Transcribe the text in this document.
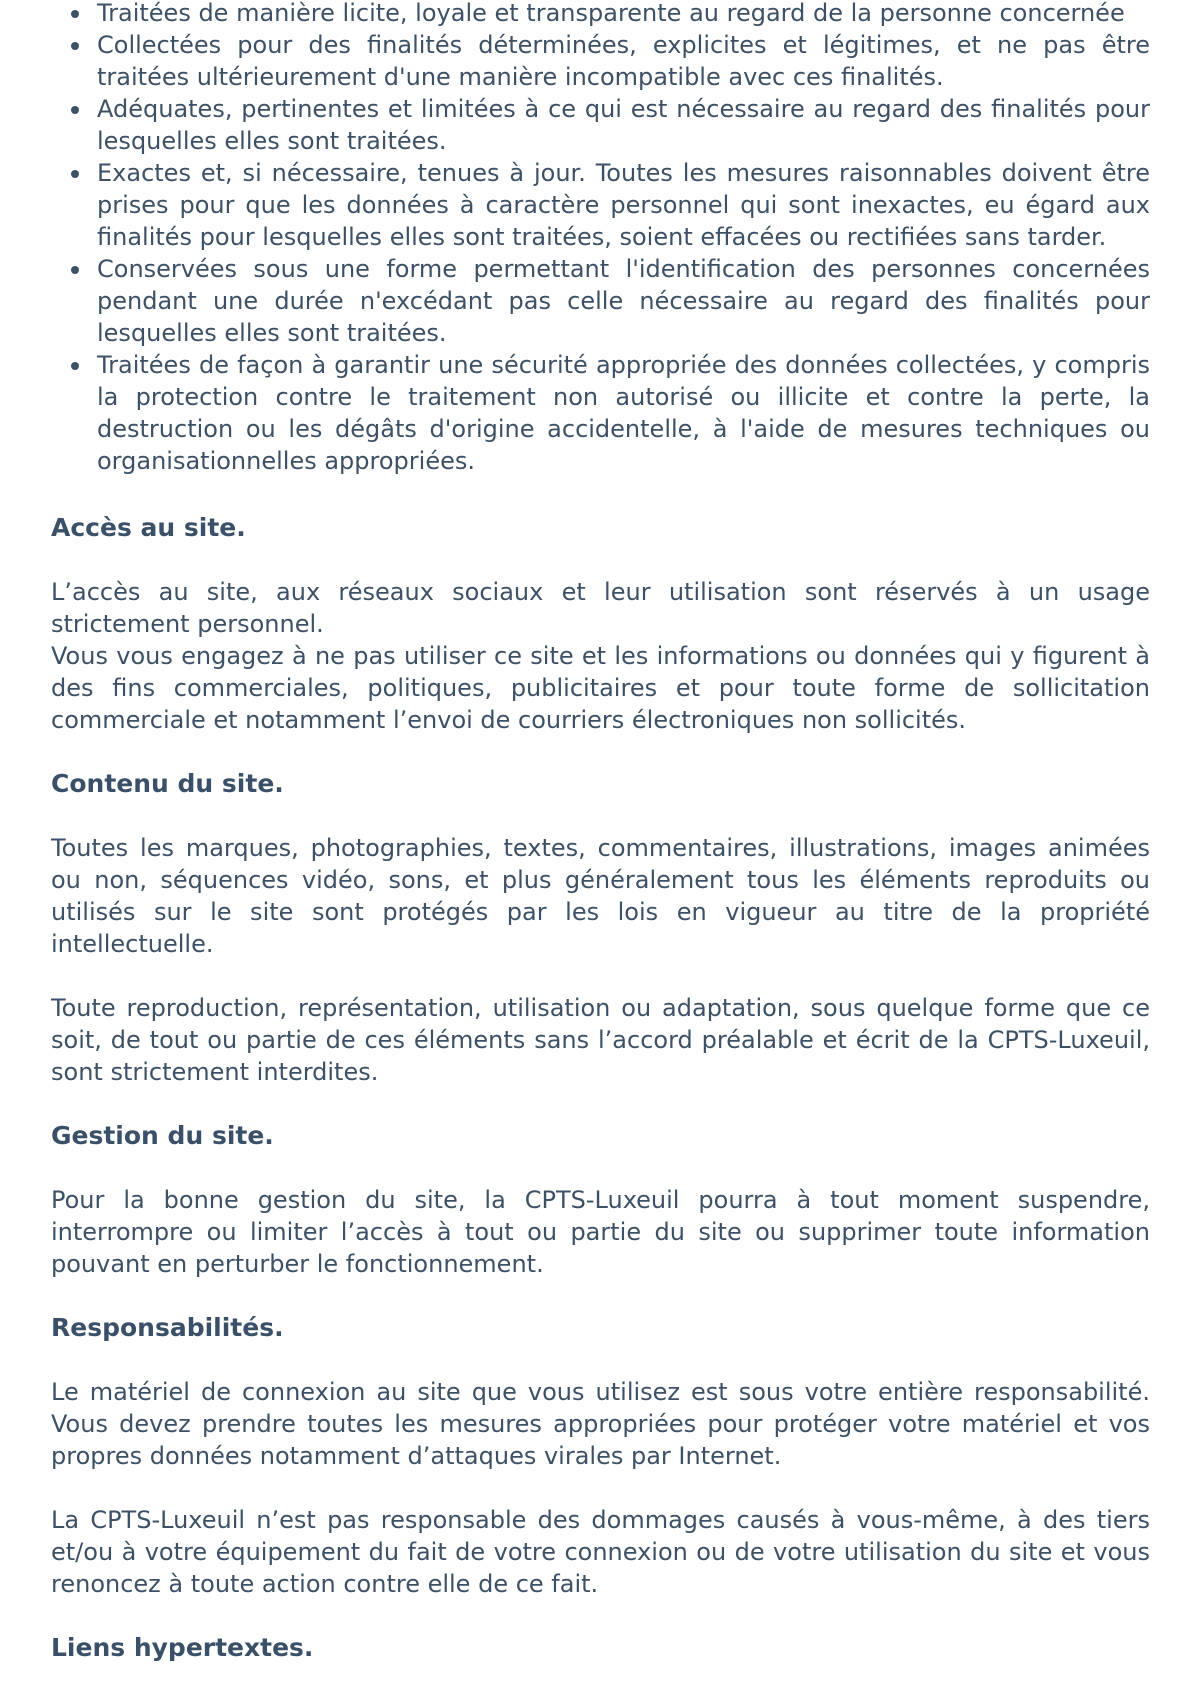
Traitées de manière licite, loyale et transparente au regard de la personne concernée
Collectées pour des finalités déterminées, explicites et légitimes, et ne pas être traitées ultérieurement d'une manière incompatible avec ces finalités.
Adéquates, pertinentes et limitées à ce qui est nécessaire au regard des finalités pour lesquelles elles sont traitées.
Exactes et, si nécessaire, tenues à jour. Toutes les mesures raisonnables doivent être prises pour que les données à caractère personnel qui sont inexactes, eu égard aux finalités pour lesquelles elles sont traitées, soient effacées ou rectifiées sans tarder.
Conservées sous une forme permettant l'identification des personnes concernées pendant une durée n'excédant pas celle nécessaire au regard des finalités pour lesquelles elles sont traitées.
Traitées de façon à garantir une sécurité appropriée des données collectées, y compris la protection contre le traitement non autorisé ou illicite et contre la perte, la destruction ou les dégâts d'origine accidentelle, à l'aide de mesures techniques ou organisationnelles appropriées.
Accès au site.

L’accès au site, aux réseaux sociaux et leur utilisation sont réservés à un usage strictement personnel.

Vous vous engagez à ne pas utiliser ce site et les informations ou données qui y figurent à des fins commerciales, politiques, publicitaires et pour toute forme de sollicitation commerciale et notamment l’envoi de courriers électroniques non sollicités.

Contenu du site.

Toutes les marques, photographies, textes, commentaires, illustrations, images animées ou non, séquences vidéo, sons, et plus généralement tous les éléments reproduits ou utilisés sur le site sont protégés par les lois en vigueur au titre de la propriété intellectuelle.

Toute reproduction, représentation, utilisation ou adaptation, sous quelque forme que ce soit, de tout ou partie de ces éléments sans l’accord préalable et écrit de la CPTS-Luxeuil, sont strictement interdites.

Gestion du site.

Pour la bonne gestion du site, la CPTS-Luxeuil pourra à tout moment suspendre, interrompre ou limiter l’accès à tout ou partie du site ou supprimer toute information pouvant en perturber le fonctionnement.

Responsabilités.

Le matériel de connexion au site que vous utilisez est sous votre entière responsabilité. Vous devez prendre toutes les mesures appropriées pour protéger votre matériel et vos propres données notamment d’attaques virales par Internet.

La CPTS-Luxeuil n’est pas responsable des dommages causés à vous-même, à des tiers et/ou à votre équipement du fait de votre connexion ou de votre utilisation du site et vous renoncez à toute action contre elle de ce fait.

Liens hypertextes.
